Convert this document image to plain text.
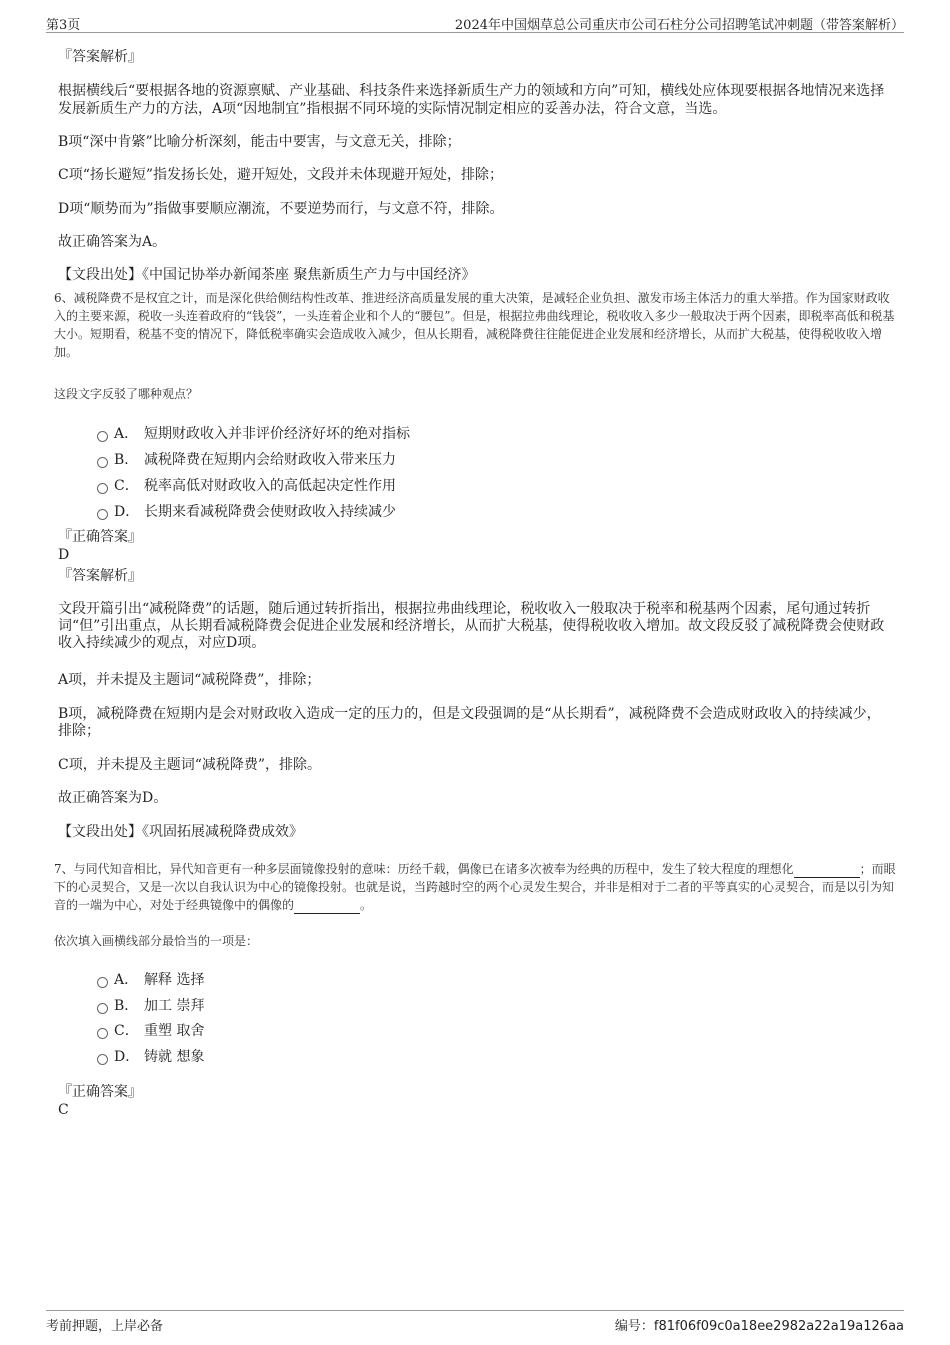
第3页	2024年中国烟草总公司重庆市公司石柱分公司招聘笔试冲刺题（带答案解析）

『答案解析』

根据横线后“要根据各地的资源禀赋、产业基础、科技条件来选择新质生产力的领域和方向”可知，横线处应体现要根据各地情况来选择发展新质生产力的方法，A项“因地制宜”指根据不同环境的实际情况制定相应的妥善办法，符合文意，当选。

B项“深中肯綮”比喻分析深刻，能击中要害，与文意无关，排除；

C项“扬长避短”指发扬长处，避开短处，文段并未体现避开短处，排除；

D项“顺势而为”指做事要顺应潮流，不要逆势而行，与文意不符，排除。

故正确答案为A。

【文段出处】《中国记协举办新闻茶座 聚焦新质生产力与中国经济》

6、减税降费不是权宜之计，而是深化供给侧结构性改革、推进经济高质量发展的重大决策，是减轻企业负担、激发市场主体活力的重大举措。作为国家财政收入的主要来源，税收一头连着政府的“钱袋”，一头连着企业和个人的“腰包”。但是，根据拉弗曲线理论，税收收入多少一般取决于两个因素，即税率高低和税基大小。短期看，税基不变的情况下，降低税率确实会造成收入减少，但从长期看，减税降费往往能促进企业发展和经济增长，从而扩大税基，使得税收收入增加。

这段文字反驳了哪种观点？

A． 短期财政收入并非评价经济好坏的绝对指标
B． 减税降费在短期内会给财政收入带来压力
C． 税率高低对财政收入的高低起决定性作用
D． 长期来看减税降费会使财政收入持续减少

『正确答案』

D

『答案解析』

文段开篇引出“减税降费”的话题，随后通过转折指出，根据拉弗曲线理论，税收收入一般取决于税率和税基两个因素，尾句通过转折词“但”引出重点，从长期看减税降费会促进企业发展和经济增长，从而扩大税基，使得税收收入增加。故文段反驳了减税降费会使财政收入持续减少的观点，对应D项。

A项，并未提及主题词“减税降费”，排除；

B项，减税降费在短期内是会对财政收入造成一定的压力的，但是文段强调的是“从长期看”，减税降费不会造成财政收入的持续减少，排除；

C项，并未提及主题词“减税降费”，排除。

故正确答案为D。

【文段出处】《巩固拓展减税降费成效》

7、与同代知音相比，异代知音更有一种多层面镜像投射的意味：历经千载，偶像已在诸多次被奉为经典的历程中，发生了较大程度的理想化	；而眼下的心灵契合，又是一次以自我认识为中心的镜像投射。也就是说，当跨越时空的两个心灵发生契合，并非是相对于二者的平等真实的心灵契合，而是以引为知音的一端为中心，对处于经典镜像中的偶像的	。

依次填入画横线部分最恰当的一项是：

A． 解释 选择
B． 加工 崇拜
C． 重塑 取舍
D． 铸就 想象

『正确答案』

C

考前押题，上岸必备	编号：f81f06f09c0a18ee2982a22a19a126aa
